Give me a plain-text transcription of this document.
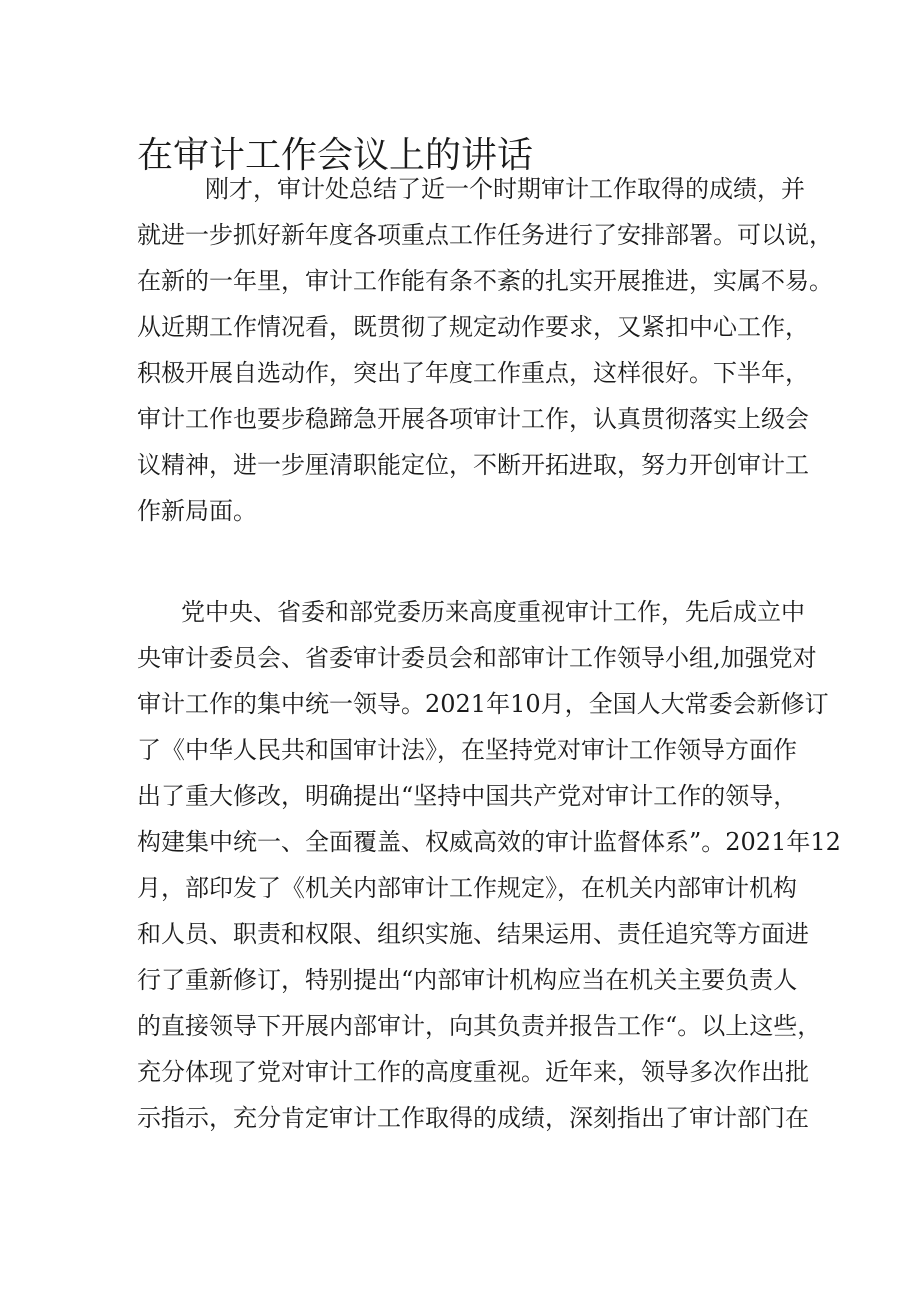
在审计工作会议上的讲话
刚才，审计处总结了近一个时期审计工作取得的成绩，并
就进一步抓好新年度各项重点工作任务进行了安排部署。可以说，
在新的一年里，审计工作能有条不紊的扎实开展推进，实属不易。
从近期工作情况看，既贯彻了规定动作要求，又紧扣中心工作，
积极开展自选动作，突出了年度工作重点，这样很好。下半年，
审计工作也要步稳蹄急开展各项审计工作，认真贯彻落实上级会
议精神，进一步厘清职能定位，不断开拓进取，努力开创审计工
作新局面。
党中央、省委和部党委历来高度重视审计工作，先后成立中
央审计委员会、省委审计委员会和部审计工作领导小组,加强党对
审计工作的集中统一领导。2021年10月，全国人大常委会新修订
了《中华人民共和国审计法》，在坚持党对审计工作领导方面作
出了重大修改，明确提出“坚持中国共产党对审计工作的领导，
构建集中统一、全面覆盖、权威高效的审计监督体系”。2021年12
月，部印发了《机关内部审计工作规定》，在机关内部审计机构
和人员、职责和权限、组织实施、结果运用、责任追究等方面进
行了重新修订，特别提出“内部审计机构应当在机关主要负责人
的直接领导下开展内部审计，向其负责并报告工作“。以上这些，
充分体现了党对审计工作的高度重视。近年来，领导多次作出批
示指示，充分肯定审计工作取得的成绩，深刻指出了审计部门在
